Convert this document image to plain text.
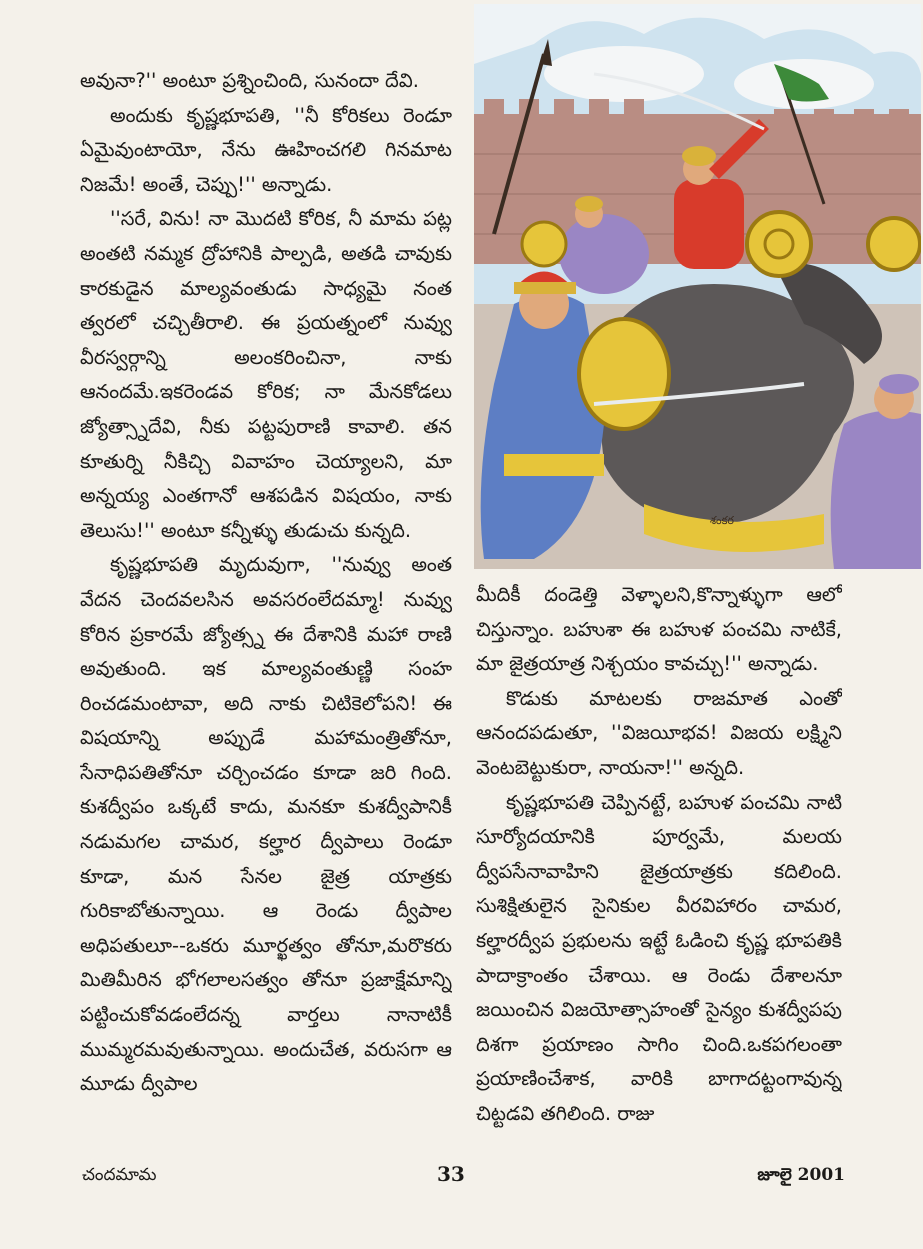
అవునా?'' అంటూ ప్రశ్నించింది, సునందా దేవి.

అందుకు కృష్ణభూపతి, ''నీ కోరికలు రెండూ ఏమైవుంటాయో, నేను ఊహించగలి గినమాట నిజమే! అంతే, చెప్పు!'' అన్నాడు.

''సరే, విను! నా మొదటి కోరిక, నీ మామ పట్ల అంతటి నమ్మక ద్రోహానికి పాల్పడి, అతడి చావుకు కారకుడైన మాల్యవంతుడు సాధ్యమై నంత త్వరలో చచ్చితీరాలి. ఈ ప్రయత్నంలో నువ్వు వీరస్వర్గాన్ని అలంకరించినా, నాకు ఆనందమే.ఇకరెండవ కోరిక; నా మేనకోడలు జ్యోత్స్నాదేవి, నీకు పట్టపురాణి కావాలి. తన కూతుర్ని నీకిచ్చి వివాహం చెయ్యాలని, మా అన్నయ్య ఎంతగానో ఆశపడిన విషయం, నాకు తెలుసు!'' అంటూ కన్నీళ్ళు తుడుచు కున్నది.

కృష్ణభూపతి మృదువుగా, ''నువ్వు అంత వేదన చెందవలసిన అవసరంలేదమ్మా! నువ్వు కోరిన ప్రకారమే జ్యోత్స్న ఈ దేశానికి మహా రాణి అవుతుంది. ఇక మాల్యవంతుణ్ణి సంహ రించడమంటావా, అది నాకు చిటికెలోపని! ఈ విషయాన్ని అప్పుడే మహామంత్రితోనూ, సేనాధిపతితోనూ చర్చించడం కూడా జరి గింది. కుశద్వీపం ఒక్కటే కాదు, మనకూ కుశద్వీపానికీ నడుమగల చామర, కల్హార ద్వీపాలు రెండూ కూడా, మన సేనల జైత్ర యాత్రకు గురికాబోతున్నాయి. ఆ రెండు ద్వీపాల అధిపతులూ--ఒకరు మూర్ఖత్వం తోనూ,మరొకరు మితిమీరిన భోగలాలసత్వం తోనూ ప్రజాక్షేమాన్ని పట్టించుకోవడంలేదన్న వార్తలు నానాటికీ ముమ్మరమవుతున్నాయి. అందుచేత, వరుసగా ఆ మూడు ద్వీపాల

శంకర

మీదికీ దండెత్తి వెళ్ళాలని,కొన్నాళ్ళుగా ఆలో చిస్తున్నాం. బహుశా ఈ బహుళ పంచమి నాటికే, మా జైత్రయాత్ర నిశ్చయం కావచ్చు!'' అన్నాడు.

కొడుకు మాటలకు రాజమాత ఎంతో ఆనందపడుతూ, ''విజయీభవ! విజయ లక్ష్మిని వెంటబెట్టుకురా, నాయనా!'' అన్నది.

కృష్ణభూపతి చెప్పినట్టే, బహుళ పంచమి నాటి సూర్యోదయానికి పూర్వమే, మలయ ద్వీపసేనావాహిని జైత్రయాత్రకు కదిలింది. సుశిక్షితులైన సైనికుల వీరవిహారం చామర, కల్హారద్వీప ప్రభులను ఇట్టే ఓడించి కృష్ణ భూపతికి పాదాక్రాంతం చేశాయి. ఆ రెండు దేశాలనూ జయించిన విజయోత్సాహంతో సైన్యం కుశద్వీపపు దిశగా ప్రయాణం సాగిం చింది.ఒకపగలంతా ప్రయాణించేశాక, వారికి బాగాదట్టంగావున్న చిట్టడవి తగిలింది. రాజు

చందమామ	33	జూలై 2001
